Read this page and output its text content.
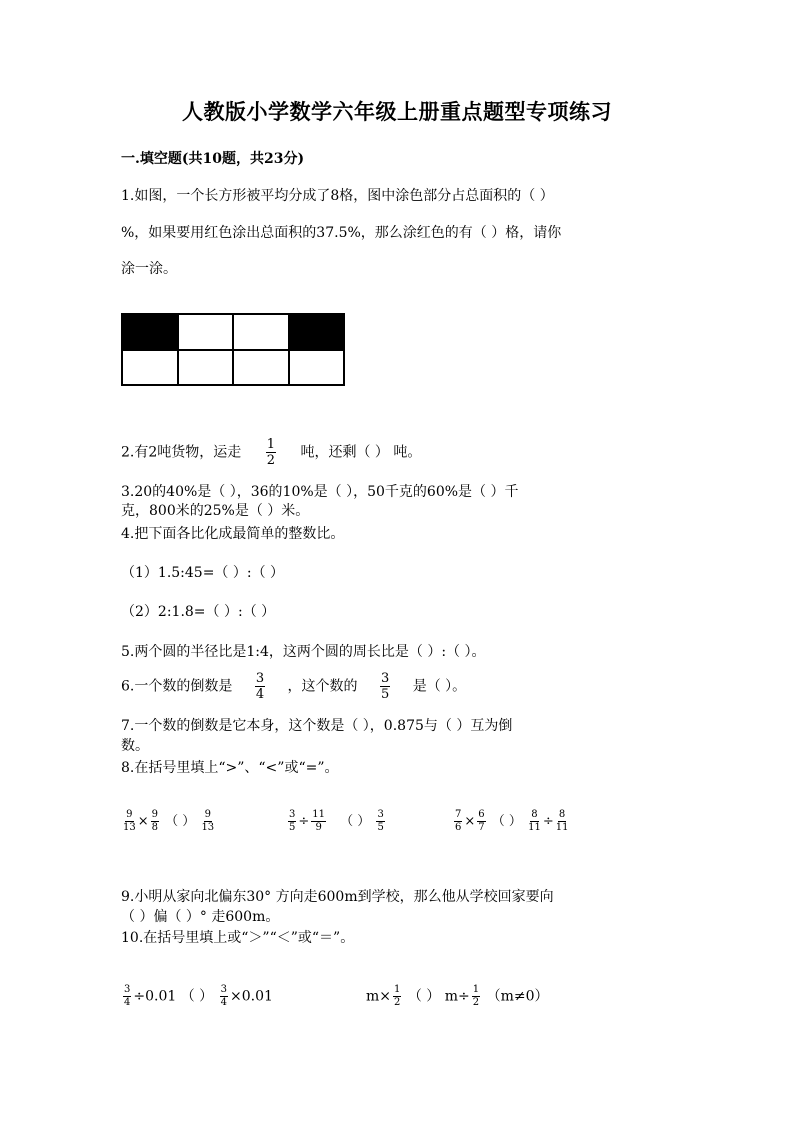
人教版小学数学六年级上册重点题型专项练习
一.填空题(共10题，共23分)
1.如图，一个长方形被平均分成了8格，图中涂色部分占总面积的（ ）
%，如果要用红色涂出总面积的37.5%，那么涂红色的有（ ）格，请你
涂一涂。
2.有2吨货物，运走 $\frac{1}{2}$ 吨，还剩（ ） 吨。
3.20的40%是（ ），36的10%是（ ），50千克的60%是（ ）千
克，800米的25%是（ ）米。
4.把下面各比化成最简单的整数比。
（1）1.5:45=（ ）:（ ）
（2）2:1.8=（ ）:（ ）
5.两个圆的半径比是1:4，这两个圆的周长比是（ ）:（ ）。
6.一个数的倒数是 $\frac{3}{4}$ ，这个数的 $\frac{3}{5}$ 是（ ）。
7.一个数的倒数是它本身，这个数是（ ），0.875与（ ）互为倒
数。
8.在括号里填上“>”、“<”或“=”。
$\frac{9}{13} \times \frac{9}{8}$ （ ） $\frac{9}{13}$	$\frac{3}{5} \div \frac{11}{9}$ （ ） $\frac{3}{5}$	$\frac{7}{6} \times \frac{6}{7}$ （ ） $\frac{8}{11} \div \frac{8}{11}$
9.小明从家向北偏东30° 方向走600m到学校，那么他从学校回家要向
（ ）偏（ ）° 走600m。
10.在括号里填上或“＞”“＜”或“＝”。
$\frac{3}{4} \div 0.01$ （ ） $\frac{3}{4} \times 0.01$	$m\times \frac{1}{2}$ （ ） $m\div \frac{1}{2} (m\ne 0)$
